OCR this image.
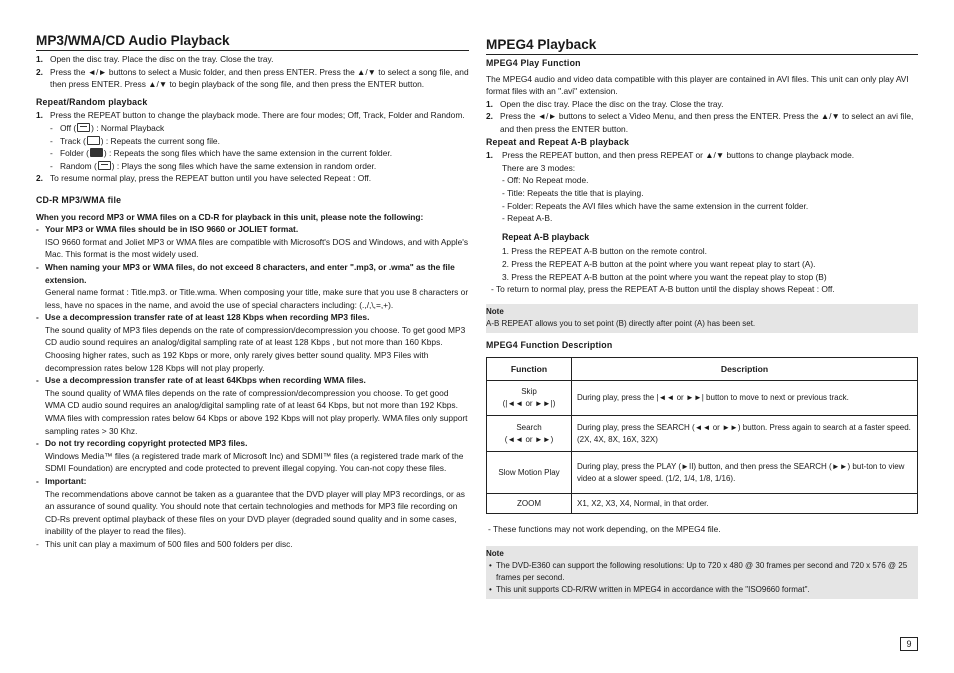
MP3/WMA/CD Audio Playback
1. Open the disc tray. Place the disc on the tray. Close the tray.
2. Press the ◄/► buttons to select a Music folder, and then press ENTER. Press the ▲/▼ to select a song file, and then press ENTER. Press ▲/▼ to begin playback of the song file, and then press the ENTER button.
Repeat/Random playback
1. Press the REPEAT button to change the playback mode. There are four modes; Off, Track, Folder and Random.
- Off ( ) : Normal Playback
- Track ( ) : Repeats the current song file.
- Folder ( ) : Repeats the song files which have the same extension in the current folder.
- Random ( ) : Plays the song files which have the same extension in random order.
2. To resume normal play, press the REPEAT button until you have selected Repeat : Off.
CD-R MP3/WMA file
When you record MP3 or WMA files on a CD-R for playback in this unit, please note the following:
- Your MP3 or WMA files should be in ISO 9660 or JOLIET format.
ISO 9660 format and Joliet MP3 or WMA files are compatible with Microsoft's DOS and Windows, and with Apple's Mac. This format is the most widely used.
- When naming your MP3 or WMA files, do not exceed 8 characters, and enter ".mp3, or .wma" as the file extension.
General name format : Title.mp3. or Title.wma. When composing your title, make sure that you use 8 characters or less, have no spaces in the name, and avoid the use of special characters including: (.,/,\,=,+).
- Use a decompression transfer rate of at least 128 Kbps when recording MP3 files.
The sound quality of MP3 files depends on the rate of compression/decompression you choose. To get good MP3 CD audio sound requires an analog/digital sampling rate of at least 128 Kbps , but not more than 160 Kbps. Choosing higher rates, such as 192 Kbps or more, only rarely gives better sound quality. MP3 Files with decompression rates below 128 Kbps will not play properly.
- Use a decompression transfer rate of at least 64Kbps when recording WMA files.
The sound quality of WMA files depends on the rate of compression/decompression you choose. To get good WMA CD audio sound requires an analog/digital sampling rate of at least 64 Kbps, but not more than 192 Kbps. WMA files with compression rates below 64 Kbps or above 192 Kbps will not play properly. WMA files only support sampling rates > 30 Khz.
- Do not try recording copyright protected MP3 files.
Windows Media™ files (a registered trade mark of Microsoft Inc) and SDMI™ files (a registered trade mark of the SDMI Foundation) are encrypted and code protected to prevent illegal copying. You can-not copy these files.
- Important:
The recommendations above cannot be taken as a guarantee that the DVD player will play MP3 recordings, or as an assurance of sound quality. You should note that certain technologies and methods for MP3 file recording on CD-Rs prevent optimal playback of these files on your DVD player (degraded sound quality and in some cases, inability of the player to read the files).
- This unit can play a maximum of 500 files and 500 folders per disc.
MPEG4 Playback
MPEG4 Play Function
The MPEG4 audio and video data compatible with this player are contained in AVI files. This unit can only play AVI format files with an ".avi" extension.
1. Open the disc tray. Place the disc on the tray. Close the tray.
2. Press the ◄/► buttons to select a Video Menu, and then press the ENTER. Press the ▲/▼ to select an avi file, and then press the ENTER button.
Repeat and Repeat A-B playback
1.	Press the REPEAT button, and then press REPEAT or ▲/▼ buttons to change playback mode.
There are 3 modes:
- Off: No Repeat mode.
- Title: Repeats the title that is playing.
- Folder: Repeats the AVI files which have the same extension in the current folder.
- Repeat A-B.
Repeat A-B playback
1. Press the REPEAT A-B button on the remote control.
2. Press the REPEAT A-B button at the point where you want repeat play to start (A).
3. Press the REPEAT A-B button at the point where you want the repeat play to stop (B)
- To return to normal play, press the REPEAT A-B button until the display shows Repeat : Off.
Note
A-B REPEAT allows you to set point (B) directly after point (A) has been set.
MPEG4 Function Description
Function	Description

Skip
(|◄◄ or ►►|)	During play, press the |◄◄ or ►►| button to move to next or previous track.

Search
(◄◄ or ►►)	During play, press the SEARCH (◄◄ or ►►) button. Press again to search at a faster speed. (2X, 4X, 8X, 16X, 32X)

Slow Motion Play	During play, press the PLAY (►II) button, and then press the SEARCH (►►) but-ton to view video at a slower speed. (1/2, 1/4, 1/8, 1/16).

ZOOM	X1, X2, X3, X4, Normal, in that order.
- These functions may not work depending, on the MPEG4 file.
Note
• The DVD-E360 can support the following resolutions: Up to 720 x 480 @ 30 frames per second and 720 x 576 @ 25 frames per second.
• This unit supports CD-R/RW written in MPEG4 in accordance with the "ISO9660 format".
9
